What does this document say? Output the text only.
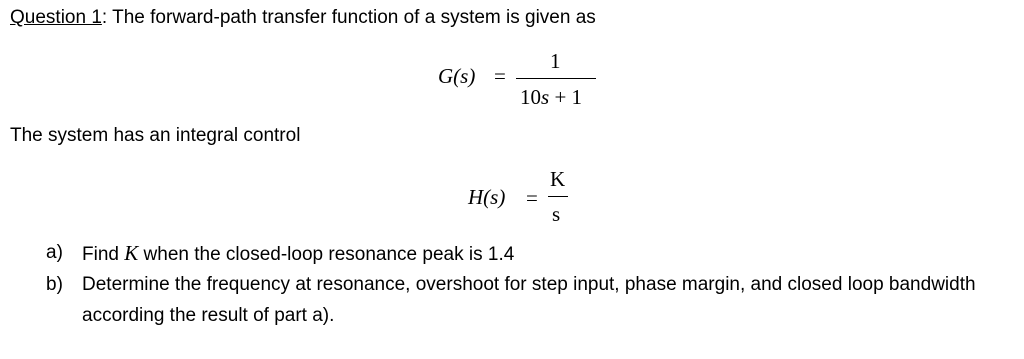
Question 1: The forward-path transfer function of a system is given as
G(s) =
1
10s + 1
The system has an integral control
H(s) =
K
s
a) Find K when the closed-loop resonance peak is 1.4
b) Determine the frequency at resonance, overshoot for step input, phase margin, and closed loop bandwidth according the result of part a).
